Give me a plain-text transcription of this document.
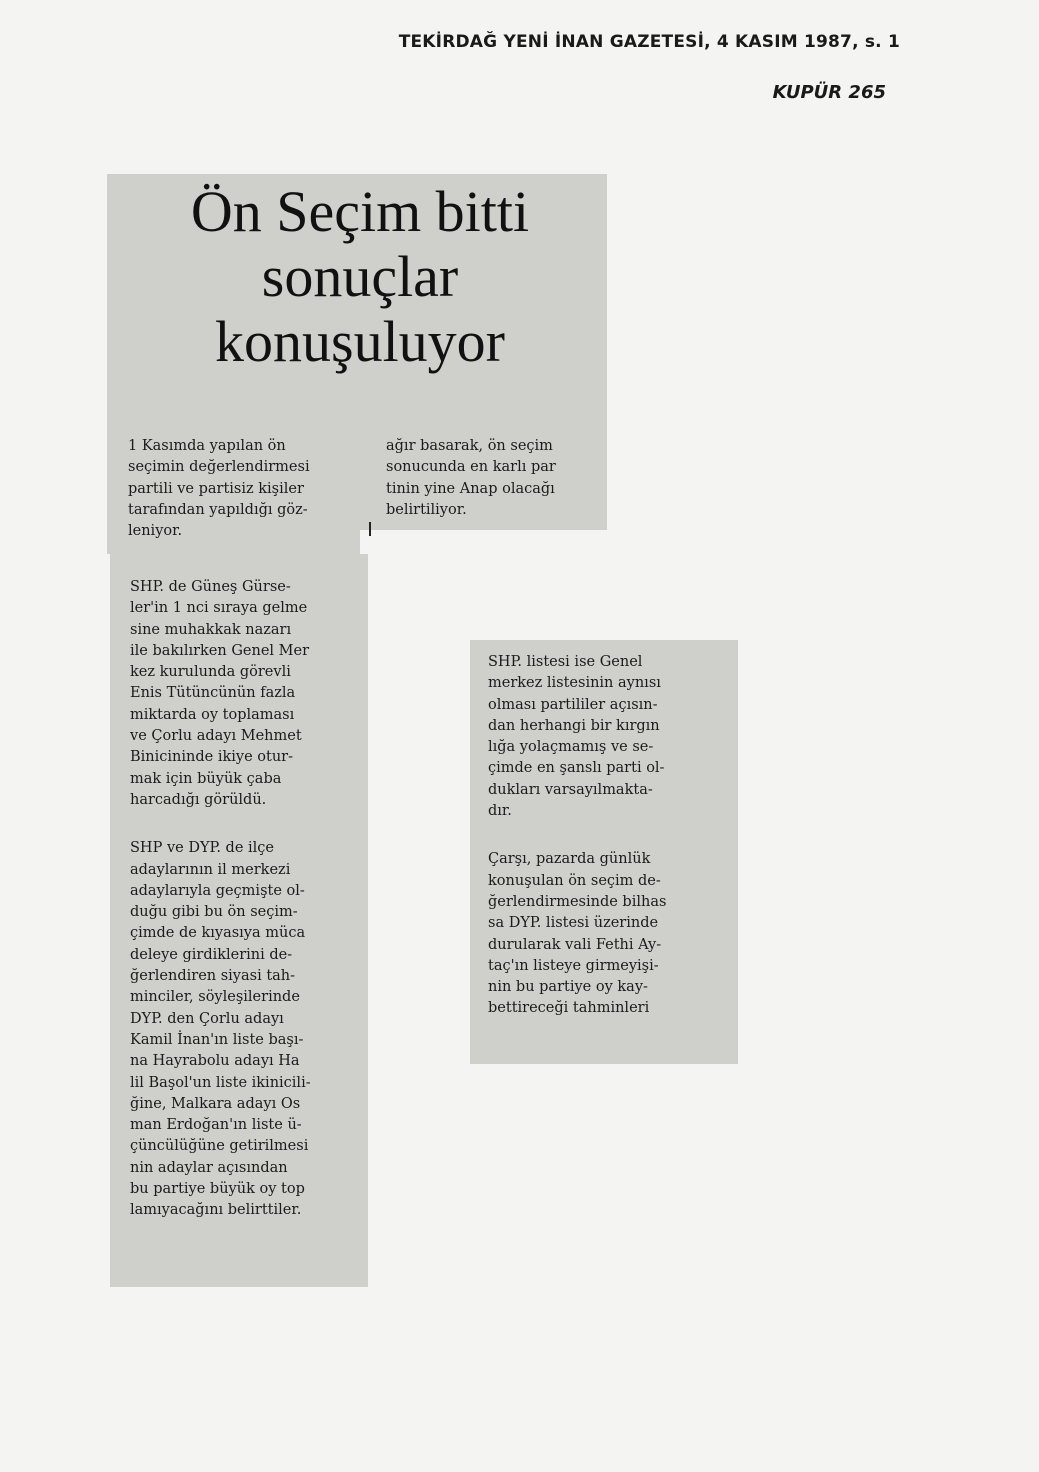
TEKİRDAĞ YENİ İNAN GAZETESİ, 4 KASIM 1987, s. 1
KUPÜR 265
Ön Seçim bitti
sonuçlar
konuşuluyor

1 Kasımda yapılan ön
seçimin değerlendirmesi
partili ve partisiz kişiler
tarafından yapıldığı göz-
leniyor.

ağır basarak, ön seçim
sonucunda en karlı par
tinin yine Anap olacağı
belirtiliyor.

SHP. de Güneş Gürse-
ler'in 1 nci sıraya gelme
sine muhakkak nazarı
ile bakılırken Genel Mer
kez kurulunda görevli
Enis Tütüncünün fazla
miktarda oy toplaması
ve Çorlu adayı Mehmet
Binicininde ikiye otur-
mak için büyük çaba
harcadığı görüldü.

SHP ve DYP. de ilçe
adaylarının il merkezi
adaylarıyla geçmişte ol-
duğu gibi bu ön seçim-
çimde de kıyasıya müca
deleye girdiklerini de-
ğerlendiren siyasi tah-
minciler, söyleşilerinde
DYP. den Çorlu adayı
Kamil İnan'ın liste başı-
na Hayrabolu adayı Ha
lil Başol'un liste ikinicili-
ğine, Malkara adayı Os
man Erdoğan'ın liste ü-
çüncülüğüne getirilmesi
nin adaylar açısından
bu partiye büyük oy top
lamıyacağını belirttiler.

SHP. listesi ise Genel
merkez listesinin aynısı
olması partililer açısın-
dan herhangi bir kırgın
lığa yolaçmamış ve se-
çimde en şanslı parti ol-
dukları varsayılmakta-
dır.

Çarşı, pazarda günlük
konuşulan ön seçim de-
ğerlendirmesinde bilhas
sa DYP. listesi üzerinde
durularak vali Fethi Ay-
taç'ın listeye girmeyişi-
nin bu partiye oy kay-
bettireceği tahminleri
